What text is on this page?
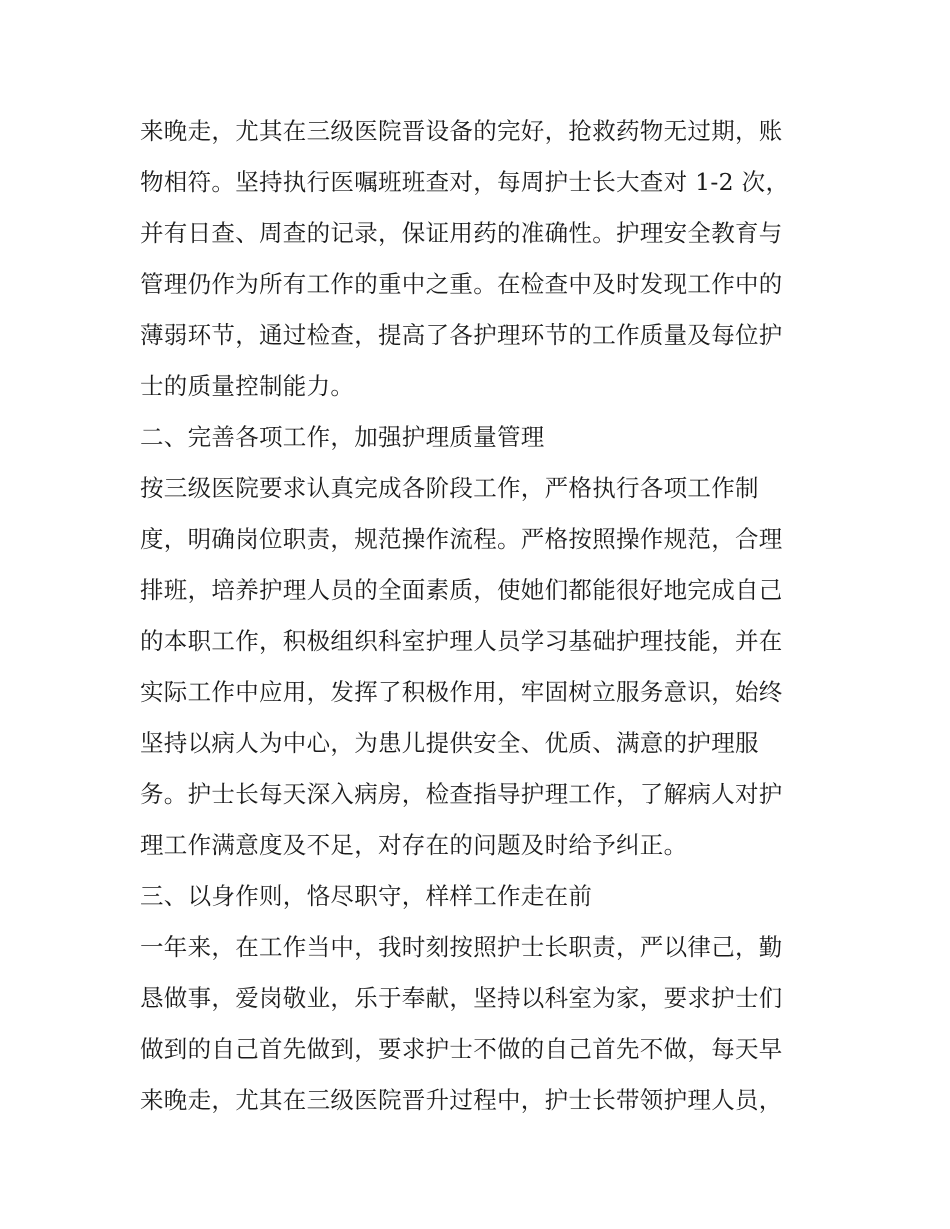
来晚走，尤其在三级医院晋设备的完好，抢救药物无过期，账
物相符。坚持执行医嘱班班查对，每周护士长大查对 1-2 次，
并有日查、周查的记录，保证用药的准确性。护理安全教育与
管理仍作为所有工作的重中之重。在检查中及时发现工作中的
薄弱环节，通过检查，提高了各护理环节的工作质量及每位护
士的质量控制能力。
二、完善各项工作，加强护理质量管理
按三级医院要求认真完成各阶段工作，严格执行各项工作制
度，明确岗位职责，规范操作流程。严格按照操作规范，合理
排班，培养护理人员的全面素质，使她们都能很好地完成自己
的本职工作，积极组织科室护理人员学习基础护理技能，并在
实际工作中应用，发挥了积极作用，牢固树立服务意识，始终
坚持以病人为中心，为患儿提供安全、优质、满意的护理服
务。护士长每天深入病房，检查指导护理工作，了解病人对护
理工作满意度及不足，对存在的问题及时给予纠正。
三、以身作则，恪尽职守，样样工作走在前
一年来，在工作当中，我时刻按照护士长职责，严以律己，勤
恳做事，爱岗敬业，乐于奉献，坚持以科室为家，要求护士们
做到的自己首先做到，要求护士不做的自己首先不做，每天早
来晚走，尤其在三级医院晋升过程中，护士长带领护理人员，
